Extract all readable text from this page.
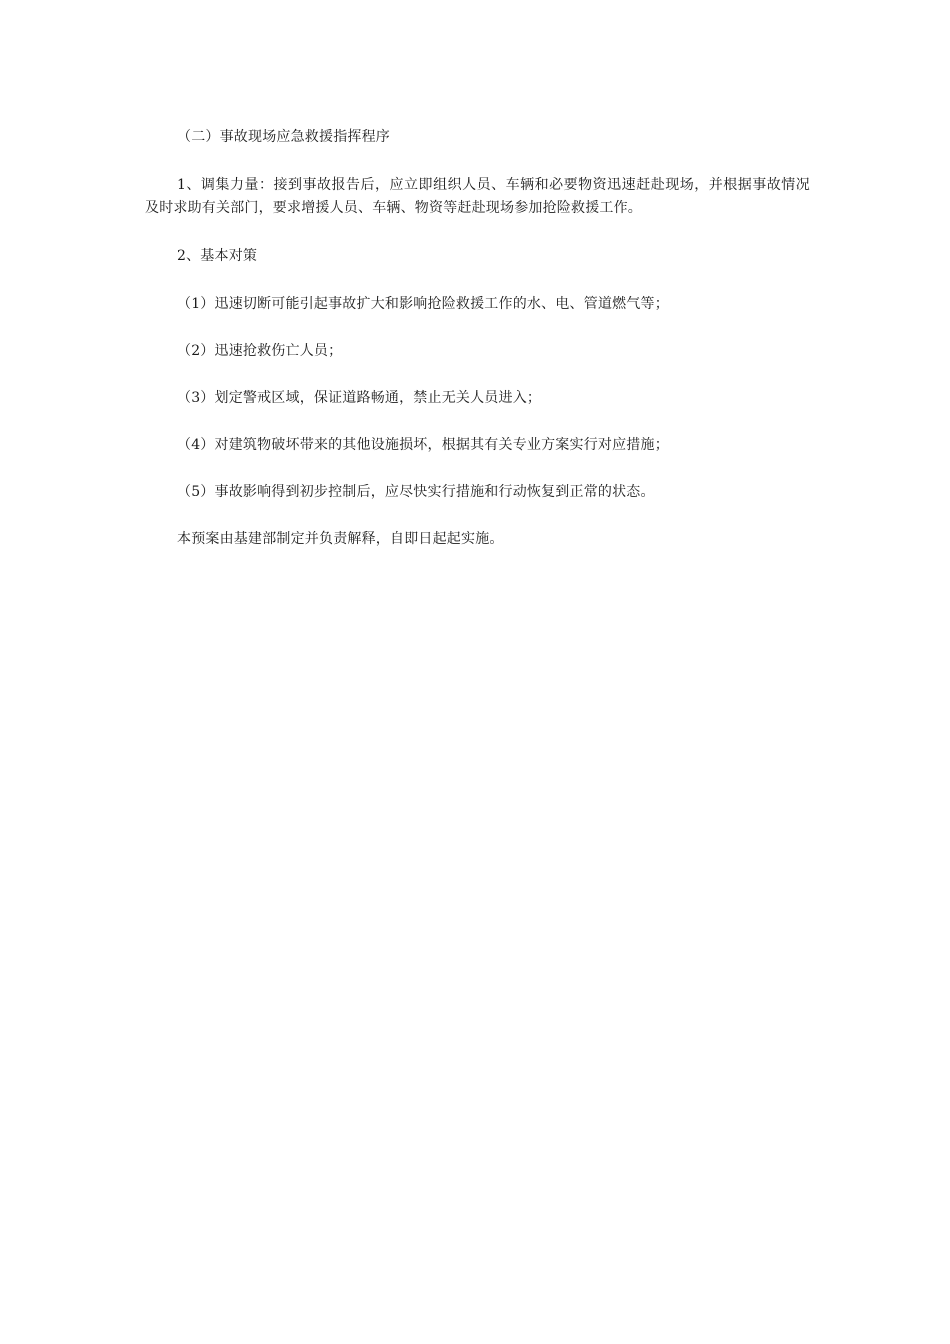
（二）事故现场应急救援指挥程序

1、调集力量：接到事故报告后，应立即组织人员、车辆和必要物资迅速赶赴现场，并根据事故情况及时求助有关部门，要求增援人员、车辆、物资等赶赴现场参加抢险救援工作。

2、基本对策

（1）迅速切断可能引起事故扩大和影响抢险救援工作的水、电、管道燃气等；

（2）迅速抢救伤亡人员；

（3）划定警戒区域，保证道路畅通，禁止无关人员进入；

（4）对建筑物破坏带来的其他设施损坏，根据其有关专业方案实行对应措施；

（5）事故影响得到初步控制后，应尽快实行措施和行动恢复到正常的状态。

本预案由基建部制定并负责解释，自即日起起实施。
